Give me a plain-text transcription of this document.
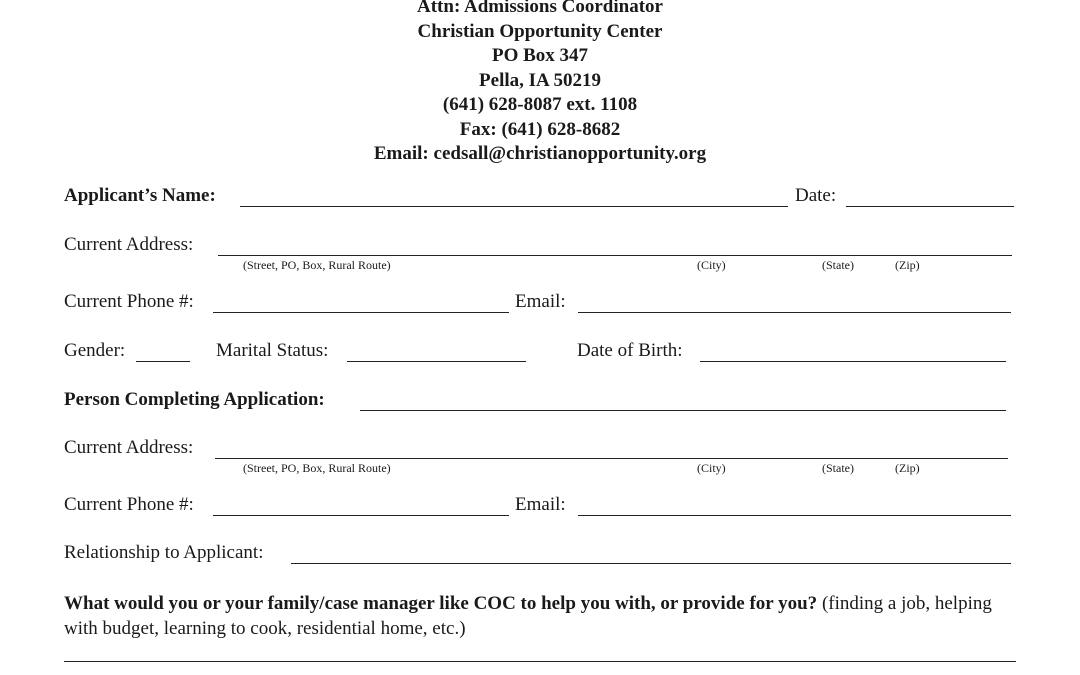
Attn: Admissions Coordinator
Christian Opportunity Center
PO Box 347
Pella, IA 50219
(641) 628-8087 ext. 1108
Fax: (641) 628-8682
Email: cedsall@christianopportunity.org
Applicant’s Name:	Date:
Current Address:
(Street, PO, Box, Rural Route)	(City)	(State)	(Zip)
Current Phone #:	Email:
Gender:	Marital Status:	Date of Birth:
Person Completing Application:
Current Address:
(Street, PO, Box, Rural Route)	(City)	(State)	(Zip)
Current Phone #:	Email:
Relationship to Applicant:
What would you or your family/case manager like COC to help you with, or provide for you? (finding a job, helping with budget, learning to cook, residential home, etc.)
